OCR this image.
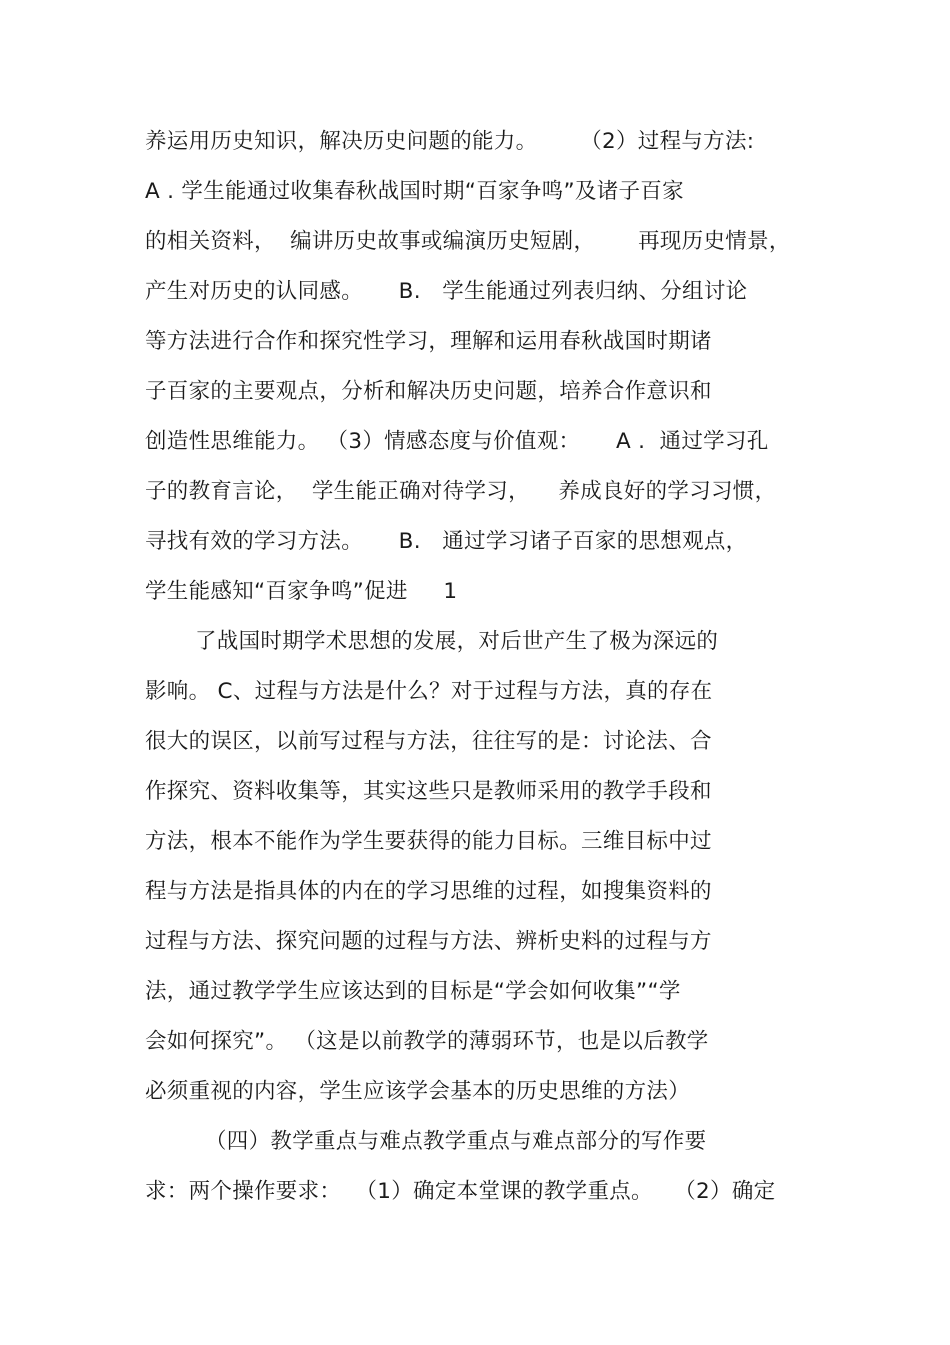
养运用历史知识，解决历史问题的能力。      （2）过程与方法:
A . 学生能通过收集春秋战国时期“百家争鸣”及诸子百家
的相关资料，  编讲历史故事或编演历史短剧，      再现历史情景，
产生对历史的认同感。     B.   学生能通过列表归纳、分组讨论
等方法进行合作和探究性学习，理解和运用春秋战国时期诸
子百家的主要观点，分析和解决历史问题，培养合作意识和
创造性思维能力。 （3）情感态度与价值观：     A .  通过学习孔
子的教育言论，  学生能正确对待学习，    养成良好的学习习惯，
寻找有效的学习方法。     B.   通过学习诸子百家的思想观点，
学生能感知“百家争鸣”促进     1
了战国时期学术思想的发展，对后世产生了极为深远的
影响。 C、过程与方法是什么？对于过程与方法，真的存在
很大的误区，以前写过程与方法，往往写的是：讨论法、合
作探究、资料收集等，其实这些只是教师采用的教学手段和
方法，根本不能作为学生要获得的能力目标。三维目标中过
程与方法是指具体的内在的学习思维的过程，如搜集资料的
过程与方法、探究问题的过程与方法、辨析史料的过程与方
法，通过教学学生应该达到的目标是“学会如何收集”“学
会如何探究”。 （这是以前教学的薄弱环节，也是以后教学
必须重视的内容，学生应该学会基本的历史思维的方法）
（四）教学重点与难点教学重点与难点部分的写作要
求：两个操作要求：  （1）确定本堂课的教学重点。   （2）确定
